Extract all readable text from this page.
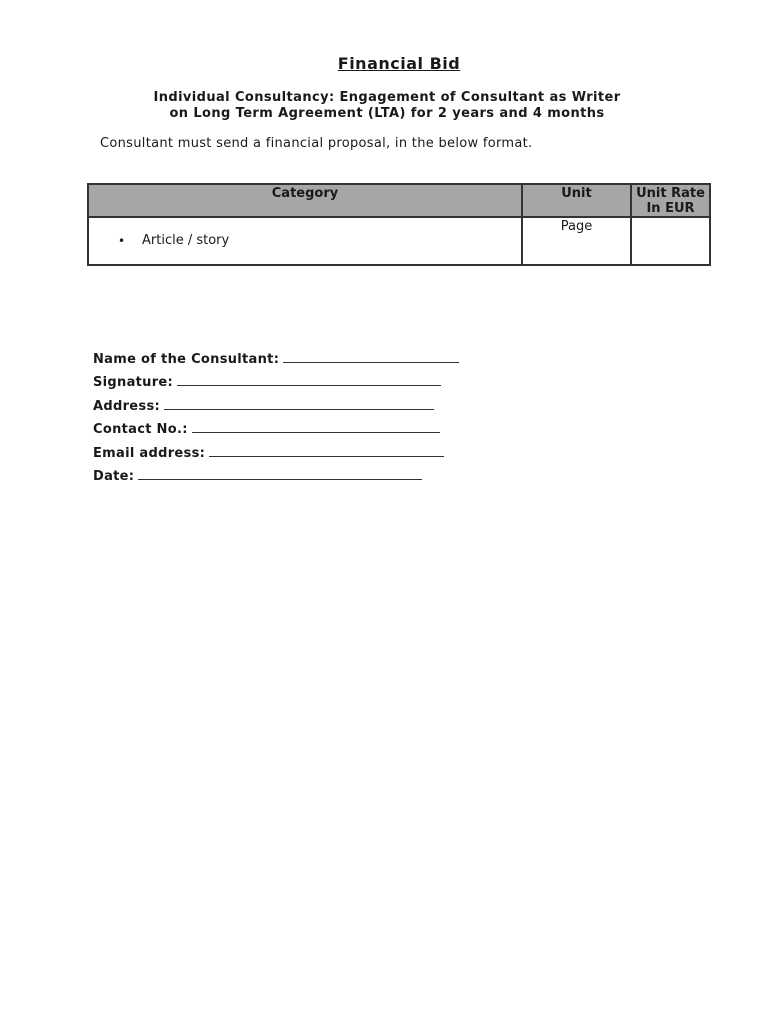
Financial Bid
Individual Consultancy: Engagement of Consultant as Writer
on Long Term Agreement (LTA) for 2 years and 4 months
Consultant must send a financial proposal, in the below format.
Category	Unit	Unit Rate
In EUR

• Article / story	Page	
Name of the Consultant:
Signature:
Address:
Contact No.:
Email address:
Date:
